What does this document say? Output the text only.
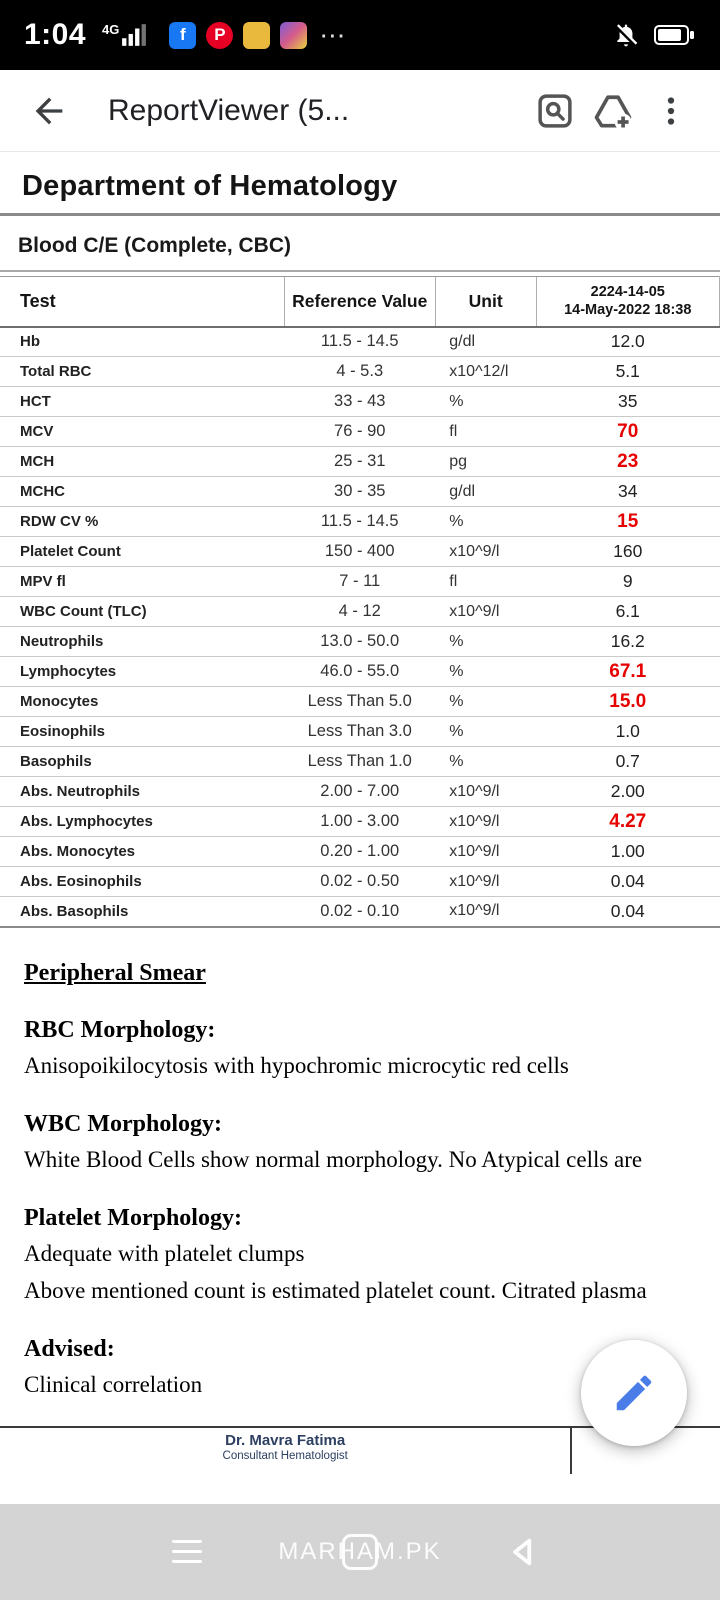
1:04 4G	f	P	⋯
ReportViewer (5...
Department of Hematology
Blood C/E (Complete, CBC)
Test	Reference Value	Unit	2224-14-05
14-May-2022 18:38

Hb	11.5 - 14.5	g/dl	12.0
Total RBC	4 - 5.3	x10^12/l	5.1
HCT	33 - 43	%	35
MCV	76 - 90	fl	70
MCH	25 - 31	pg	23
MCHC	30 - 35	g/dl	34
RDW CV %	11.5 - 14.5	%	15
Platelet Count	150 - 400	x10^9/l	160
MPV fl	7 - 11	fl	9
WBC Count (TLC)	4 - 12	x10^9/l	6.1
Neutrophils	13.0 - 50.0	%	16.2
Lymphocytes	46.0 - 55.0	%	67.1
Monocytes	Less Than 5.0	%	15.0
Eosinophils	Less Than 3.0	%	1.0
Basophils	Less Than 1.0	%	0.7
Abs. Neutrophils	2.00 - 7.00	x10^9/l	2.00
Abs. Lymphocytes	1.00 - 3.00	x10^9/l	4.27
Abs. Monocytes	0.20 - 1.00	x10^9/l	1.00
Abs. Eosinophils	0.02 - 0.50	x10^9/l	0.04
Abs. Basophils	0.02 - 0.10	x10^9/l	0.04
Peripheral Smear
RBC Morphology:
Anisopoikilocytosis with hypochromic microcytic red cells
WBC Morphology:
White Blood Cells show normal morphology. No Atypical cells are
Platelet Morphology:
Adequate with platelet clumps
Above mentioned count is estimated platelet count. Citrated plasma
Advised:
Clinical correlation
Dr. Mavra Fatima
Consultant Hematologist
MARHAM.PK
